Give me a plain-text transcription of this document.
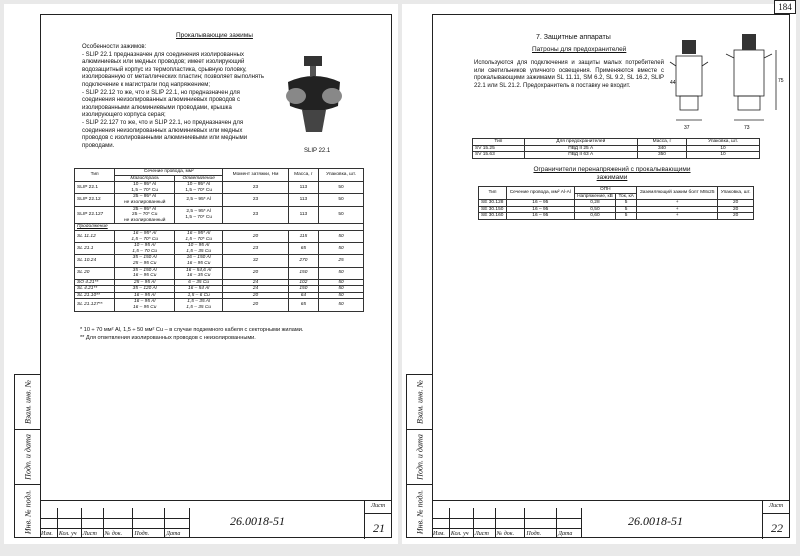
Взам. инв. №
Подп. и дата
Инв. № подл. Изм. Кол. уч Лист № док. Подп.	Дата
26.0018-51
Лист
21
Прокалывающие зажимы

Особенности зажимов:

- SLIP 22.1 предназначен для соединения изолированных алюминиевых или медных проводов; имеет изолирующий водозащитный корпус из термопластика, срывную головку, изолированную от металлических пластин; позволяет выполнять подключение к магистрали под напряжением;

- SLIP 22.12 то же, что и SLIP 22.1, но предназначен для соединения неизолированных алюминиевых проводов с изолированными алюминиевыми проводами, крышка изолирующего корпуса серая;

- SLIP 22.127 то же, что и SLIP 22.1, но предназначен для соединения неизолированных алюминиевых или медных проводов с изолированными алюминиевыми или медными проводами.

SLIP 22.1
Тип	Сечение провода, мм²		Момент затяжки, Нм	Масса, г	Упаковка, шт.
	Магистраль	Ответвление			
SLIP 22.1	10 – 95* Al
1,5 – 70* Cu	10 – 95* Al
1,5 – 70* Cu	23	113	50
SLIP 22.12	25 – 95* Al
не изолированный	2,5 – 95* Al	23	113	50
SLIP 22.127	25 – 95* Al
25 – 70* Cu
не изолированный	2,5 – 95* Al
1,5 – 70* Cu	23	113	50
Продолжение					
SL 11.12	16 – 95* Al
1,5 – 70* Cu	16 – 95* Al
1,5 – 70* Cu	20	115	50
SL 21.1	10 – 95 Al
1,5 – 70 Cu	10 – 95 Al
1,5 – 35 Cu	23	65	50
SL 10.24	35 – 150 Al
25 – 95 Cu	16 – 150 Al
16 – 95 Cu	32	270	25
SL 20	35 – 150 Al
16 – 95 Cu	16 – 54,6 Al
16 – 35 Cu	20	150	50
SO 4.21**	25 – 95 Al	6 – 35 Cu	24	102	50
SL 4.21**	35 – 120 Al	16 – 54 Al	24	150	50
SL 21.10**	16 – 95 Al	1,5 – 6 Cu	20	64	50
SL 21.127**	16 – 95 Al
16 – 95 Cu	1,5 – 35 Al
1,5 – 35 Cu	20	65	50
* 10 ÷ 70 мм² Al, 1,5 ÷ 50 мм² Cu – в случае подземного кабеля с секторными жилами.
** Для ответвления изолированных проводов с неизолированными.
184
Взам. инв. №
Подп. и дата
Инв. № подл. Изм. Кол. уч Лист № док. Подп.	Дата
26.0018-51
Лист
22
7. Защитные аппараты
Патроны для предохранителей
Используются для подключения и защиты малых потребителей или светильников уличного освещения. Применяются вместе с прокалывающими зажимами SL 11.11, SM 6.2, SL 9.2, SL 16.2, SLIP 22.1 или SL 21.2. Предохранитель в поставку не входит.
37
75
73
44
Тип	Для предохранителей	Масса, г	Упаковка, шт.
SV 15.25	ПВД II 25 А	340	10
SV 15.63	ПВД II 63 А	350	10
Ограничители перенапряжений с прокалывающими зажимами
Тип	Сечение провода, мм² Al-Al	ОПН		Заземляющий зажим болт М8х25	Упаковка, шт.
		Напряжение, кВ	Ток, кА		
SE 30.128	16 – 95	0,28	5	+	20
SE 30.150	16 – 95	0,50	5	+	20
SE 30.160	16 – 95	0,60	5	+	20
